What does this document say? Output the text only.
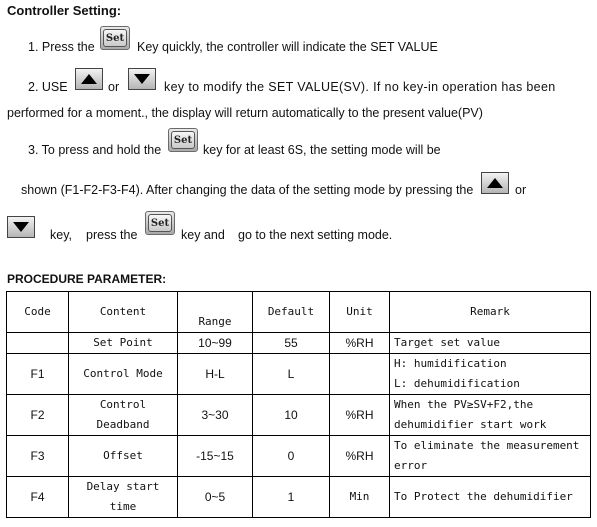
Controller Setting:
1. Press the
Set
Key quickly, the controller will indicate the SET VALUE
2. USE	or	key to modify the SET VALUE(SV). If no key-in operation has been
performed for a moment., the display will return automatically to the present value(PV)
3. To press and hold the
Set
key for at least 6S, the setting mode will be
shown (F1-F2-F3-F4). After changing the data of the setting mode by pressing the	or
key, press the
Set
key and go to the next setting mode.
PROCEDURE PARAMETER:
Code	Content	Range	Default	Unit	Remark
	Set Point	10~99	55	%RH	Target set value
F1	Control Mode	H-L	L		H: humidification
L: dehumidification

F2	Control Deadband	3~30	10	%RH	When the PV≥SV+F2,the
dehumidifier start work

F3	Offset	-15~15	0	%RH	To eliminate the measurement
error

F4	Delay start time	0~5	1	Min	To Protect the dehumidifier
